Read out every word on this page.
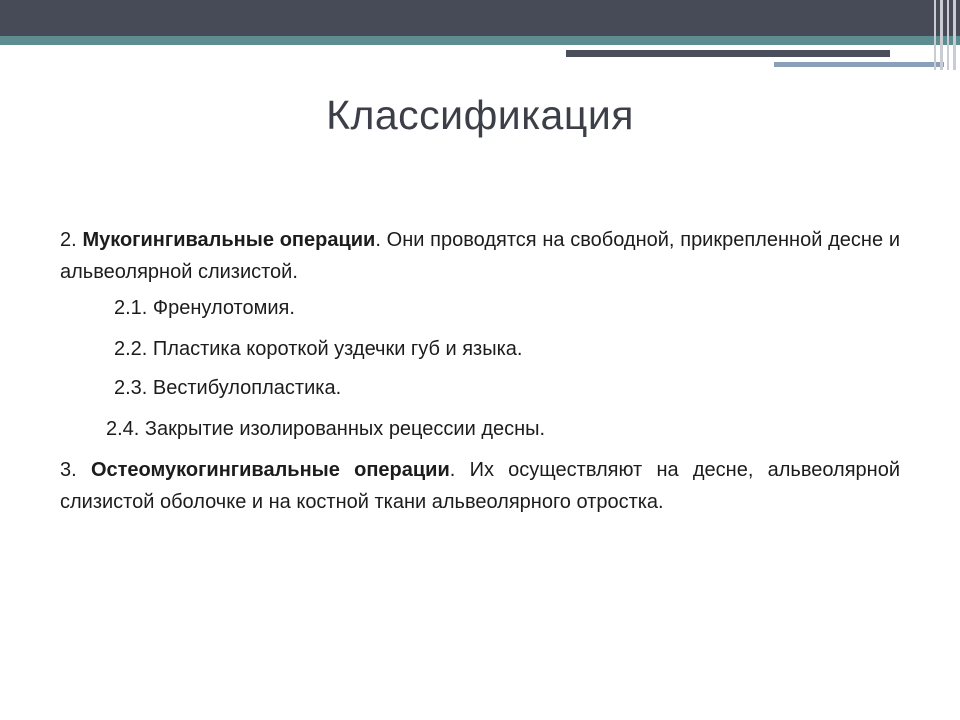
Классификация

2. Мукогингивальные операции. Они проводятся на свободной, прикрепленной десне и альвеолярной слизистой.

2.1. Френулотомия.

2.2. Пластика короткой уздечки губ и языка.

2.3. Вестибулопластика.

2.4. Закрытие изолированных рецессии десны.

3. Остеомукогингивальные операции. Их осуществляют на десне, альвеолярной слизистой оболочке и на костной ткани альвеолярного отростка.
